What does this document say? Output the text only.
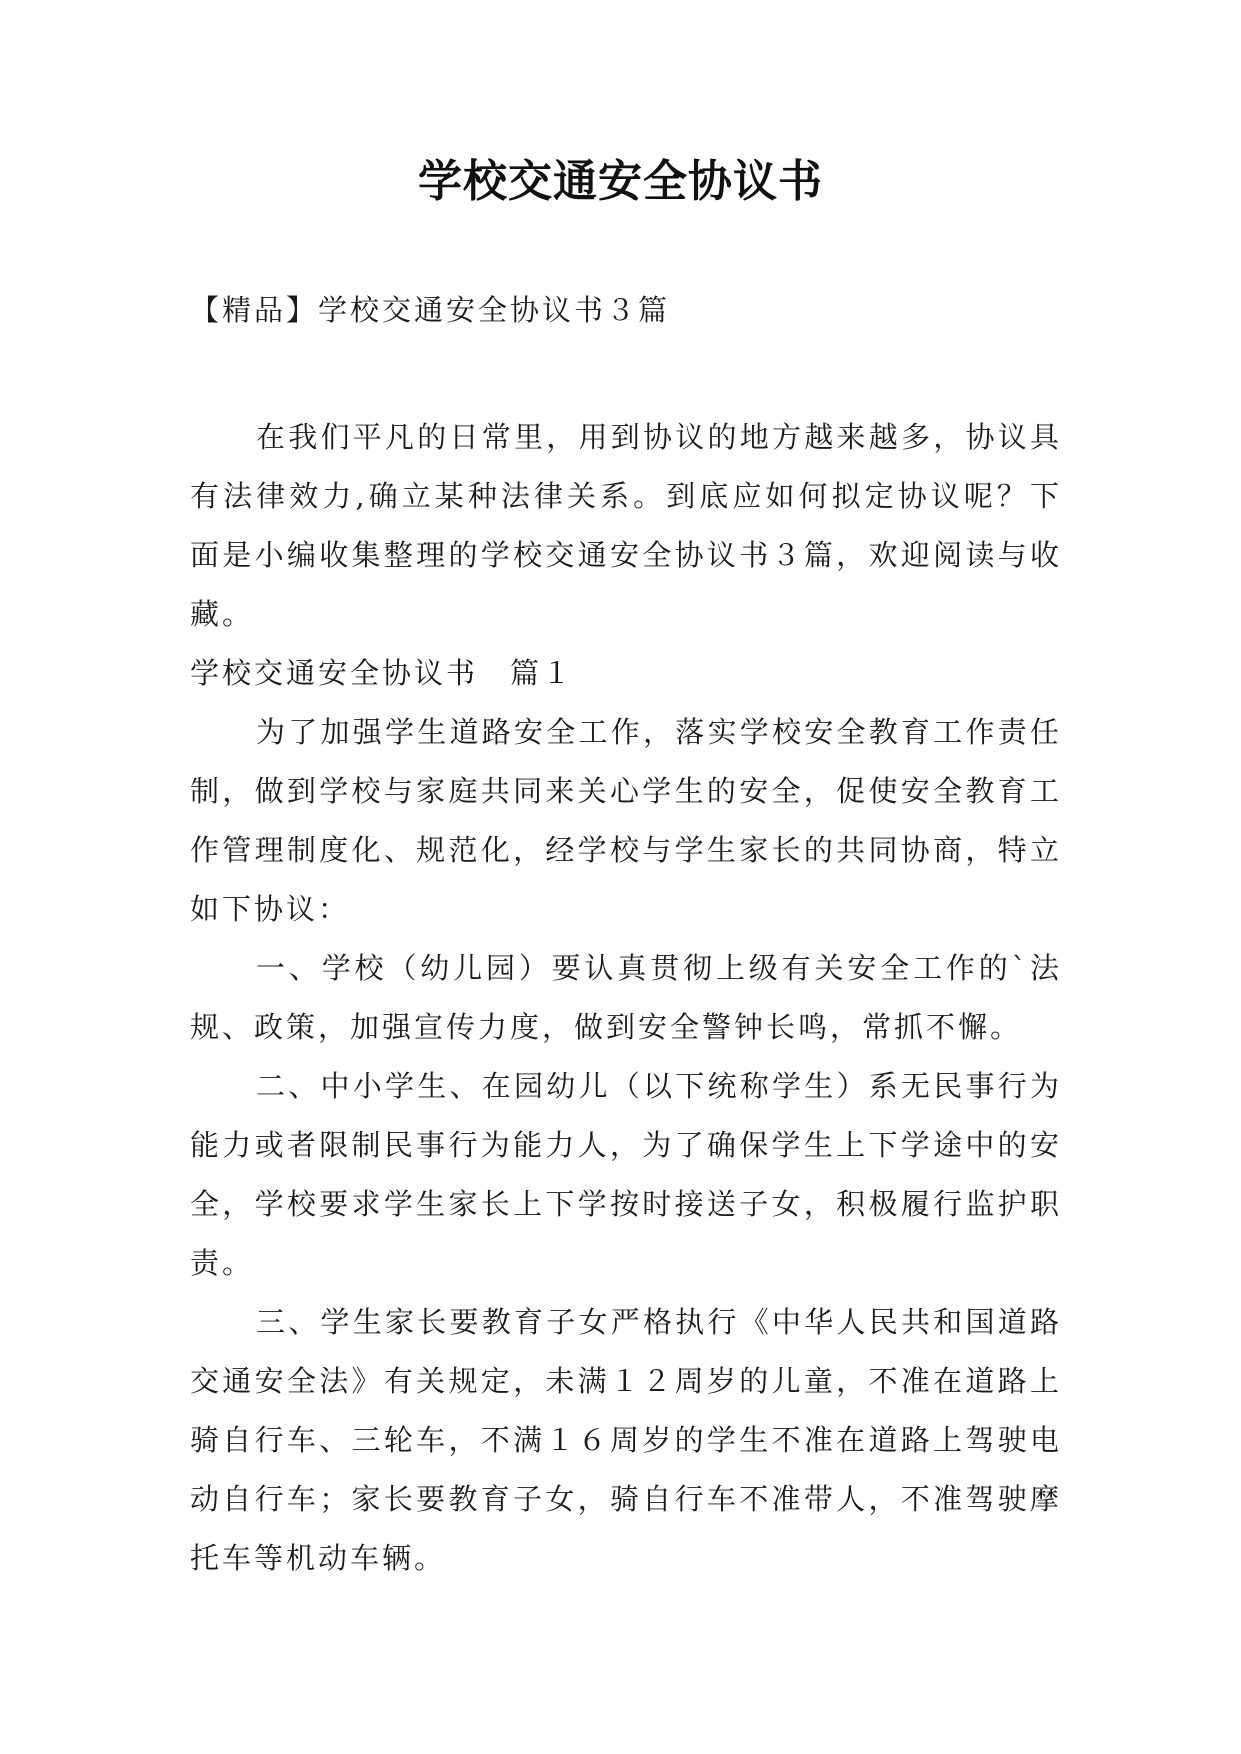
学校交通安全协议书
【精品】学校交通安全协议书３篇

在我们平凡的日常里，用到协议的地方越来越多，协议具有法律效力,确立某种法律关系。到底应如何拟定协议呢？下面是小编收集整理的学校交通安全协议书３篇，欢迎阅读与收藏。

学校交通安全协议书　篇１

为了加强学生道路安全工作，落实学校安全教育工作责任制，做到学校与家庭共同来关心学生的安全，促使安全教育工作管理制度化、规范化，经学校与学生家长的共同协商，特立如下协议：

一、学校（幼儿园）要认真贯彻上级有关安全工作的`法规、政策，加强宣传力度，做到安全警钟长鸣，常抓不懈。

二、中小学生、在园幼儿（以下统称学生）系无民事行为能力或者限制民事行为能力人，为了确保学生上下学途中的安全，学校要求学生家长上下学按时接送子女，积极履行监护职责。

三、学生家长要教育子女严格执行《中华人民共和国道路交通安全法》有关规定，未满１２周岁的儿童，不准在道路上骑自行车、三轮车，不满１６周岁的学生不准在道路上驾驶电动自行车；家长要教育子女，骑自行车不准带人，不准驾驶摩托车等机动车辆。
